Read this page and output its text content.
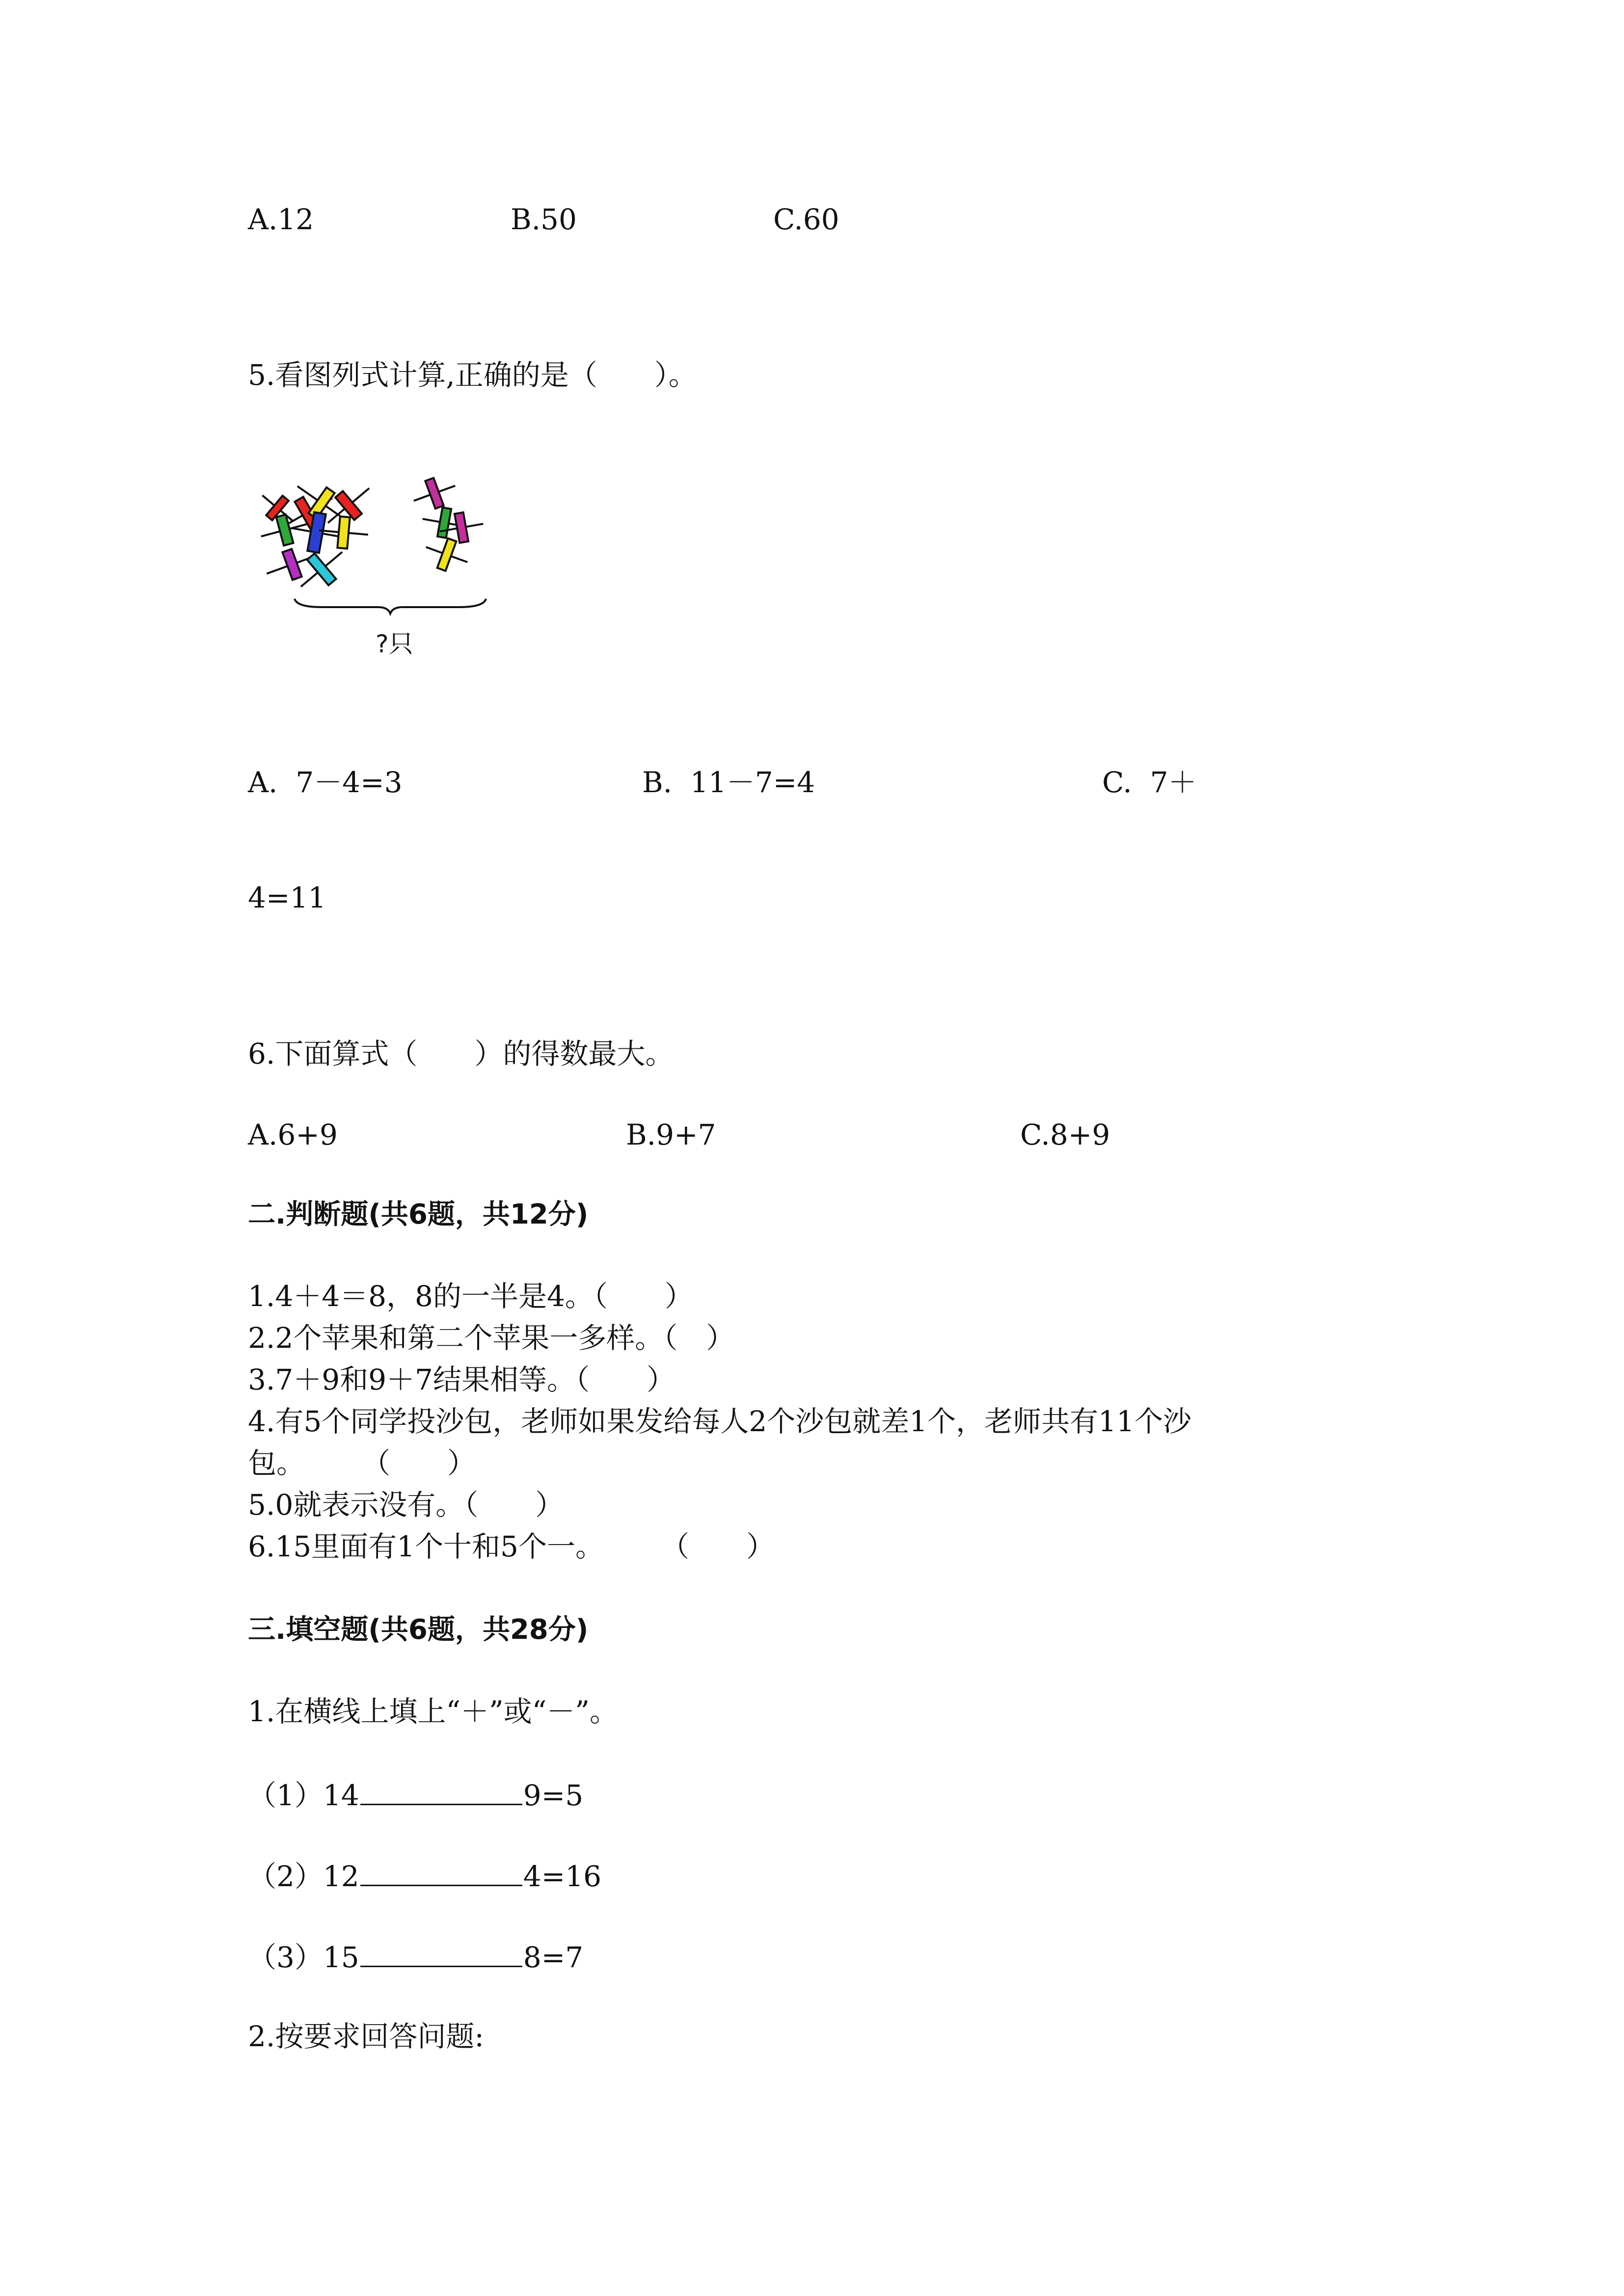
A.12	B.50	C.60
5.看图列式计算,正确的是（　　）。
?只
A.  7－4=3	B.  11－7=4	C.  7＋
4=11
6.下面算式（　　）的得数最大。
A.6+9	B.9+7	C.8+9
二.判断题(共6题，共12分)
1.4＋4＝8，8的一半是4。（　　）
2.2个苹果和第二个苹果一多样。（　）
3.7＋9和9＋7结果相等。（　　）
4.有5个同学投沙包，老师如果发给每人2个沙包就差1个，老师共有11个沙
包。　　　（　　）
5.0就表示没有。（　　）
6.15里面有1个十和5个一。　　　（　　）
三.填空题(共6题，共28分)
1.在横线上填上“＋”或“－”。
（1）14	9=5
（2）12	4=16
（3）15	8=7
2.按要求回答问题:
